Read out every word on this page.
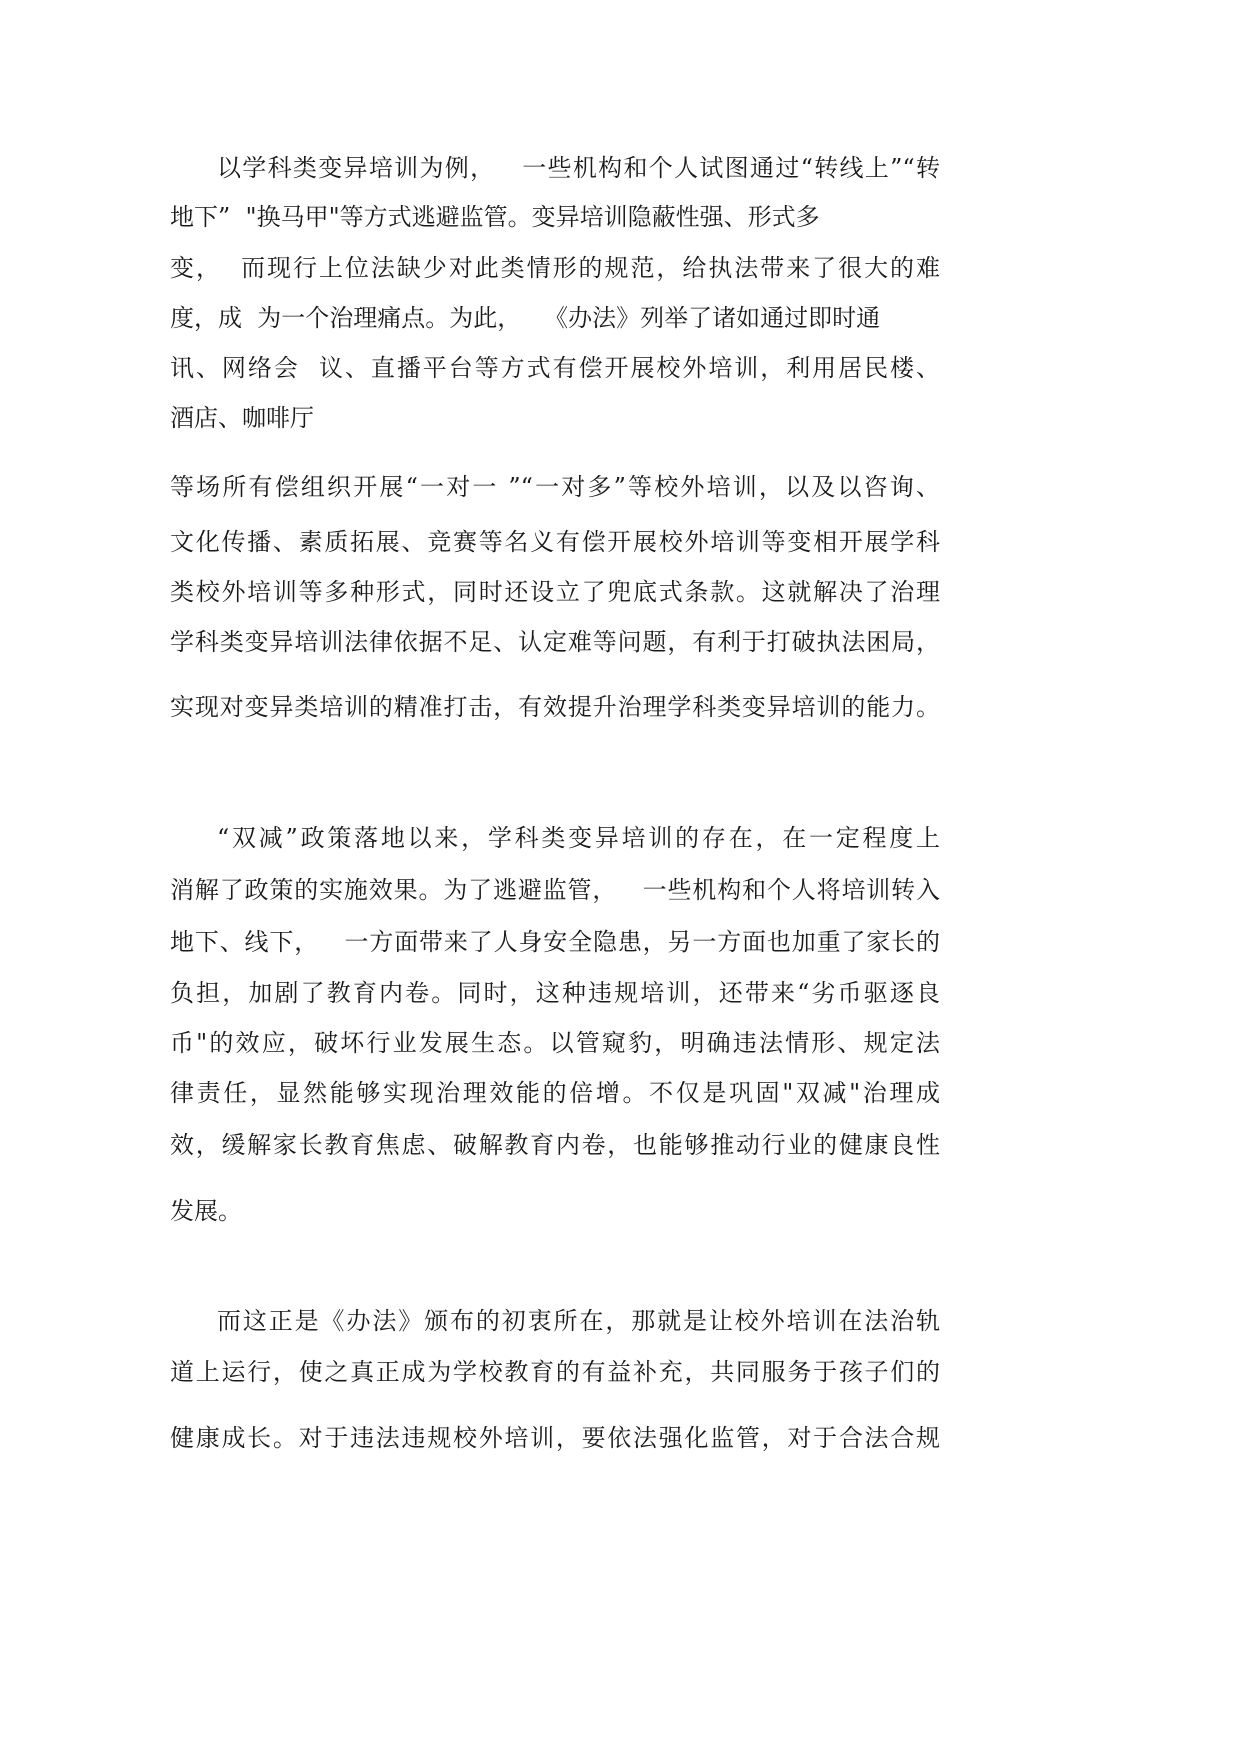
以学科类变异培训为例，   一些机构和个人试图通过“转线上”“转
地下”  "换马甲"等方式逃避监管。变异培训隐蔽性强、形式多
变，  而现行上位法缺少对此类情形的规范，给执法带来了很大的难
度，成  为一个治理痛点。为此，   《办法》列举了诸如通过即时通
讯、网络会  议、直播平台等方式有偿开展校外培训，利用居民楼、
酒店、咖啡厅
等场所有偿组织开展“一对一 ”“一对多”等校外培训，以及以咨询、
文化传播、素质拓展、竞赛等名义有偿开展校外培训等变相开展学科
类校外培训等多种形式，同时还设立了兜底式条款。这就解决了治理
学科类变异培训法律依据不足、认定难等问题，有利于打破执法困局，
实现对变异类培训的精准打击，有效提升治理学科类变异培训的能力。
“双减”政策落地以来，学科类变异培训的存在，在一定程度上
消解了政策的实施效果。为了逃避监管，   一些机构和个人将培训转入
地下、线下，   一方面带来了人身安全隐患，另一方面也加重了家长的
负担，加剧了教育内卷。同时，这种违规培训，还带来“劣币驱逐良
币"的效应，破坏行业发展生态。以管窥豹，明确违法情形、规定法
律责任，显然能够实现治理效能的倍增。不仅是巩固"双减"治理成
效，缓解家长教育焦虑、破解教育内卷，也能够推动行业的健康良性
发展。
而这正是《办法》颁布的初衷所在，那就是让校外培训在法治轨
道上运行，使之真正成为学校教育的有益补充，共同服务于孩子们的
健康成长。对于违法违规校外培训，要依法强化监管，对于合法合规
